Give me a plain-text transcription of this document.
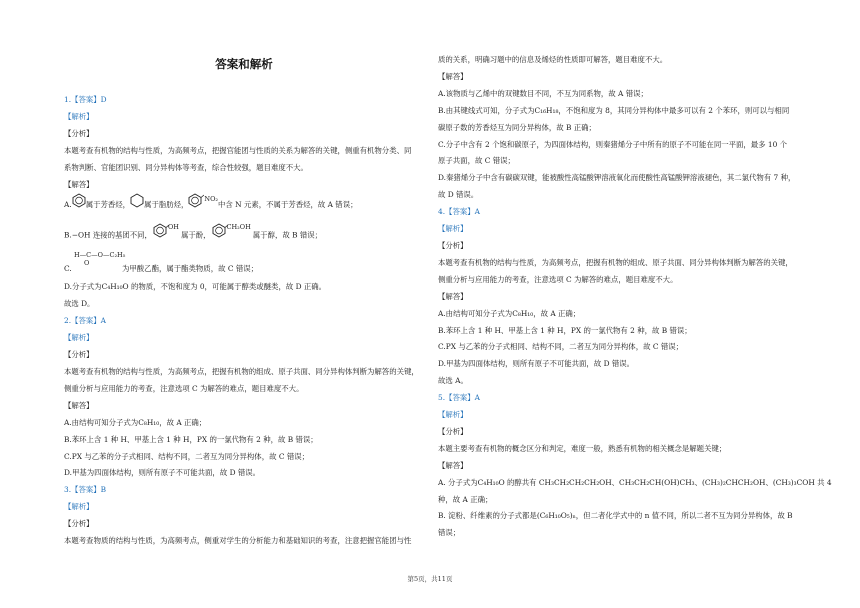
答案和解析
1.【答案】D
【解析】
【分析】
本题考查有机物的结构与性质，为高频考点，把握官能团与性质的关系为解答的关键，侧重有机物分类、同
系物判断、官能团识别、同分异构体等考查，综合性较强，题目难度不大。
【解答】
A. 属于芳香烃， 属于脂肪烃，NO₂中含 N 元素，不属于芳香烃，故 A 错误；
B.−OH 连接的基团不同，OH属于酚，CH₂OH属于醇，故 B 错误；
H—C—O—C₂H₅
O
C.	为甲酸乙酯，属于酯类物质，故 C 错误；
D.分子式为C₄H₁₀O 的物质，不饱和度为 0，可能属于醇类或醚类，故 D 正确。
故选 D。
2.【答案】A
【解析】
【分析】
本题考查有机物的结构与性质，为高频考点，把握有机物的组成、原子共面、同分异构体判断为解答的关键，
侧重分析与应用能力的考查，注意选项 C 为解答的难点，题目难度不大。
【解答】
A.由结构可知分子式为C₈H₁₀，故 A 正确；
B.苯环上含 1 种 H、甲基上含 1 种 H，PX 的一氯代物有 2 种，故 B 错误；
C.PX 与乙苯的分子式相同、结构不同，二者互为同分异构体，故 C 错误；
D.甲基为四面体结构，则所有原子不可能共面，故 D 错误。
3.【答案】B
【解析】
【分析】
本题考查物质的结构与性质，为高频考点，侧重对学生的分析能力和基础知识的考查，注意把握官能团与性
质的关系，明确习题中的信息及烯烃的性质即可解答，题目难度不大。
【解答】
A.该物质与乙烯中的双键数目不同，不互为同系物，故 A 错误；
B.由其键线式可知，分子式为C₁₆H₁₈，不饱和度为 8，其同分异构体中最多可以有 2 个苯环，则可以与相同
碳原子数的芳香烃互为同分异构体，故 B 正确；
C.分子中含有 2 个饱和碳原子，为四面体结构，则秦猪烯分子中所有的原子不可能在同一平面，最多 10 个
原子共面，故 C 错误；
D.秦猪烯分子中含有碳碳双键，能被酸性高锰酸钾溶液氧化而使酸性高锰酸钾溶液褪色，其二氯代物有 7 种，
故 D 错误。
4.【答案】A
【解析】
【分析】
本题考查有机物的结构与性质，为高频考点，把握有机物的组成、原子共面、同分异构体判断为解答的关键，
侧重分析与应用能力的考查，注意选项 C 为解答的难点，题目难度不大。
【解答】
A.由结构可知分子式为C₈H₁₀，故 A 正确；
B.苯环上含 1 种 H、甲基上含 1 种 H，PX 的一氯代物有 2 种，故 B 错误；
C.PX 与乙苯的分子式相同、结构不同，二者互为同分异构体，故 C 错误；
D.甲基为四面体结构，则所有原子不可能共面，故 D 错误。
故选 A。
5.【答案】A
【解析】
【分析】
本题主要考查有机物的概念区分和判定，难度一般，熟悉有机物的相关概念是解题关键；
【解答】
A. 分子式为C₄H₁₀O 的醇共有 CH₃CH₂CH₂CH₂OH、CH₃CH₂CH(OH)CH₃、(CH₃)₂CHCH₂OH、(CH₃)₃COH 共 4
种，故 A 正确；
B. 淀粉、纤维素的分子式都是(C₆H₁₀O₅)ₙ，但二者化学式中的 n 值不同，所以二者不互为同分异构体，故 B
错误；
第5页，共11页
